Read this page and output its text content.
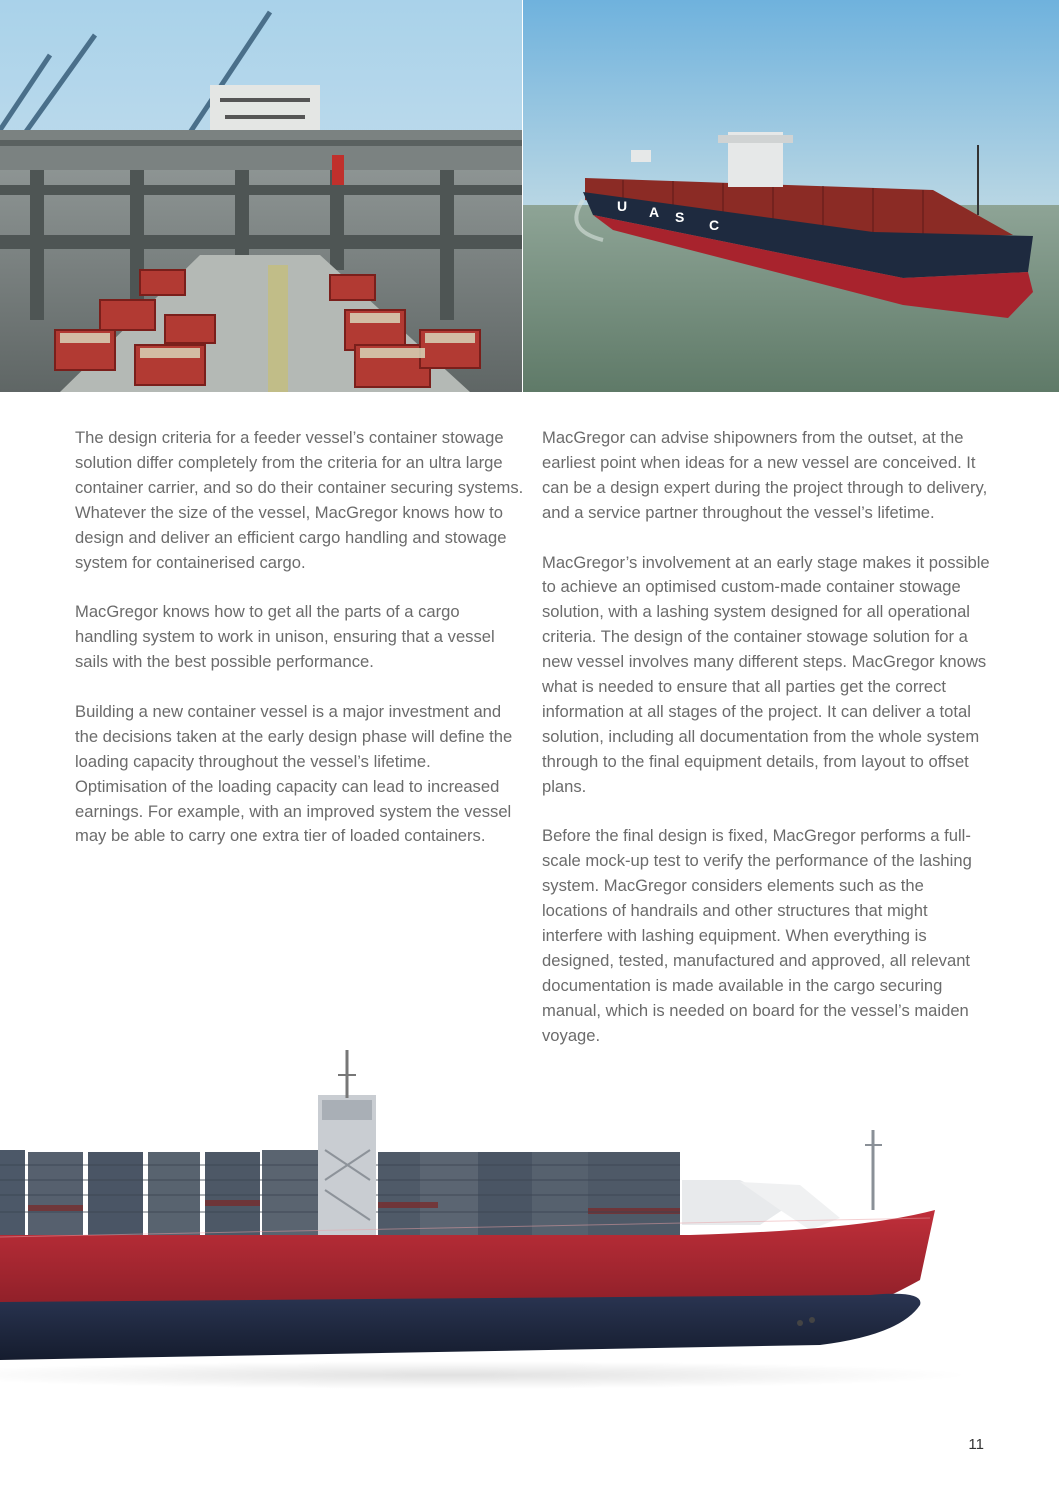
U A S C

The design criteria for a feeder vessel’s container stowage solution differ completely from the criteria for an ultra large container carrier, and so do their container securing systems. Whatever the size of the vessel, MacGregor knows how to design and deliver an efficient cargo handling and stowage system for containerised cargo.

MacGregor knows how to get all the parts of a cargo handling system to work in unison, ensuring that a vessel sails with the best possible performance.

Building a new container vessel is a major investment and the decisions taken at the early design phase will define the loading capacity throughout the vessel’s lifetime. Optimisation of the loading capacity can lead to increased earnings. For example, with an improved system the vessel may be able to carry one extra tier of loaded containers.

MacGregor can advise shipowners from the outset, at the earliest point when ideas for a new vessel are conceived. It can be a design expert during the project through to delivery, and a service partner throughout the vessel’s lifetime.

MacGregor’s involvement at an early stage makes it possible to achieve an optimised custom-made container stowage solution, with a lashing system designed for all operational criteria. The design of the container stowage solution for a new vessel involves many different steps. MacGregor knows what is needed to ensure that all parties get the correct information at all stages of the project. It can deliver a total solution, including all documentation from the whole system through to the final equipment details, from layout to offset plans.

Before the final design is fixed, MacGregor performs a full-scale mock-up test to verify the performance of the lashing system. MacGregor considers elements such as the locations of handrails and other structures that might interfere with lashing equipment. When everything is designed, tested, manufactured and approved, all relevant documentation is made available in the cargo securing manual, which is needed on board for the vessel’s maiden voyage.

11
